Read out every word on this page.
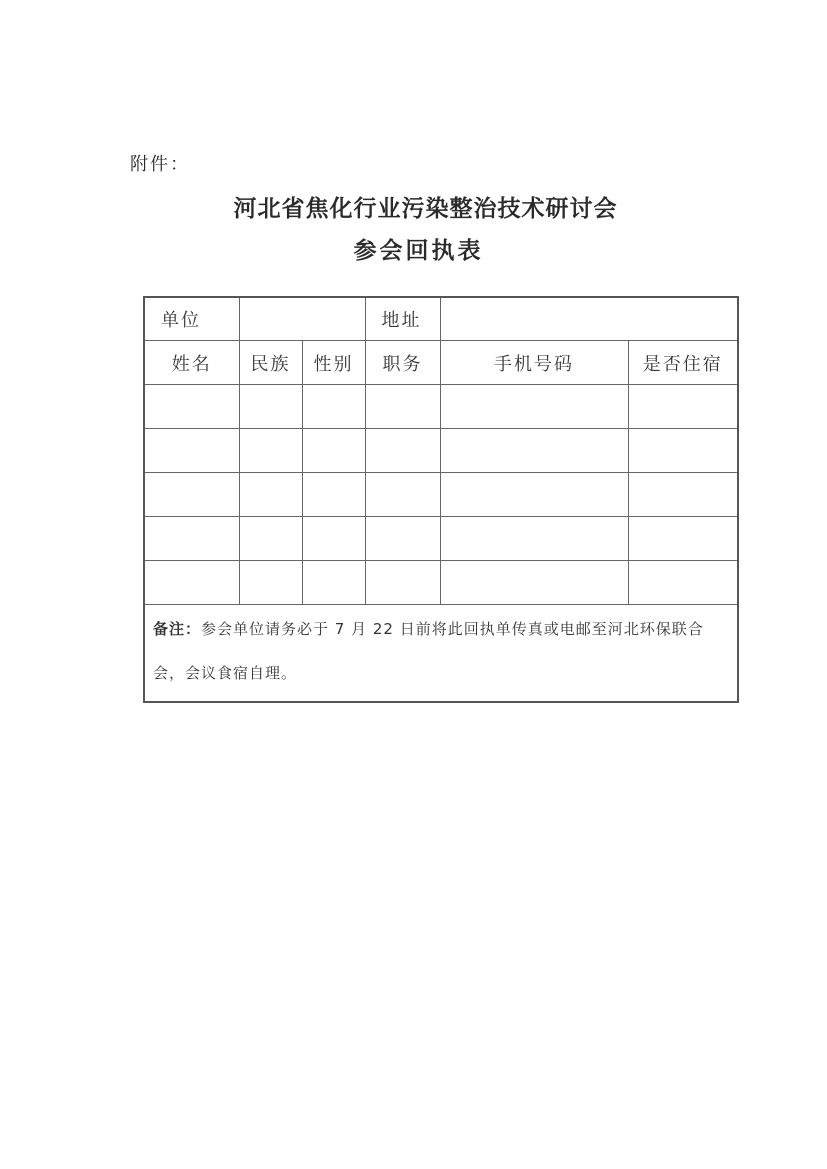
附件：
河北省焦化行业污染整治技术研讨会
参会回执表
单位			地址		
姓名	民族	性别	职务	手机号码	是否住宿

备注：参会单位请务必于 7 月 22 日前将此回执单传真或电邮至河北环保联合会，会议食宿自理。					
